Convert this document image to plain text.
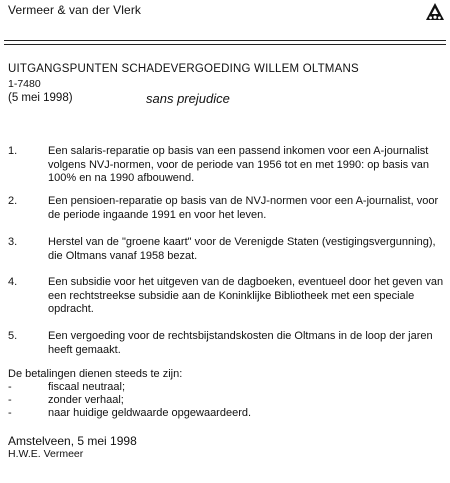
Vermeer & van der Vlerk
UITGANGSPUNTEN SCHADEVERGOEDING WILLEM OLTMANS
1-7480
(5 mei 1998)	sans prejudice
1.	Een salaris-reparatie op basis van een passend inkomen voor een A-journalist volgens NVJ-normen, voor de periode van 1956 tot en met 1990: op basis van 100% en na 1990 afbouwend.
2.	Een pensioen-reparatie op basis van de NVJ-normen voor een A-journalist, voor de periode ingaande 1991 en voor het leven.
3.	Herstel van de "groene kaart" voor de Verenigde Staten (vestigingsvergunning), die Oltmans vanaf 1958 bezat.
4.	Een subsidie voor het uitgeven van de dagboeken, eventueel door het geven van een rechtstreekse subsidie aan de Koninklijke Bibliotheek met een speciale opdracht.
5.	Een vergoeding voor de rechtsbijstandskosten die Oltmans in de loop der jaren heeft gemaakt.
De betalingen dienen steeds te zijn:
-	fiscaal neutraal;
-	zonder verhaal;
-	naar huidige geldwaarde opgewaardeerd.
Amstelveen, 5 mei 1998
H.W.E. Vermeer
